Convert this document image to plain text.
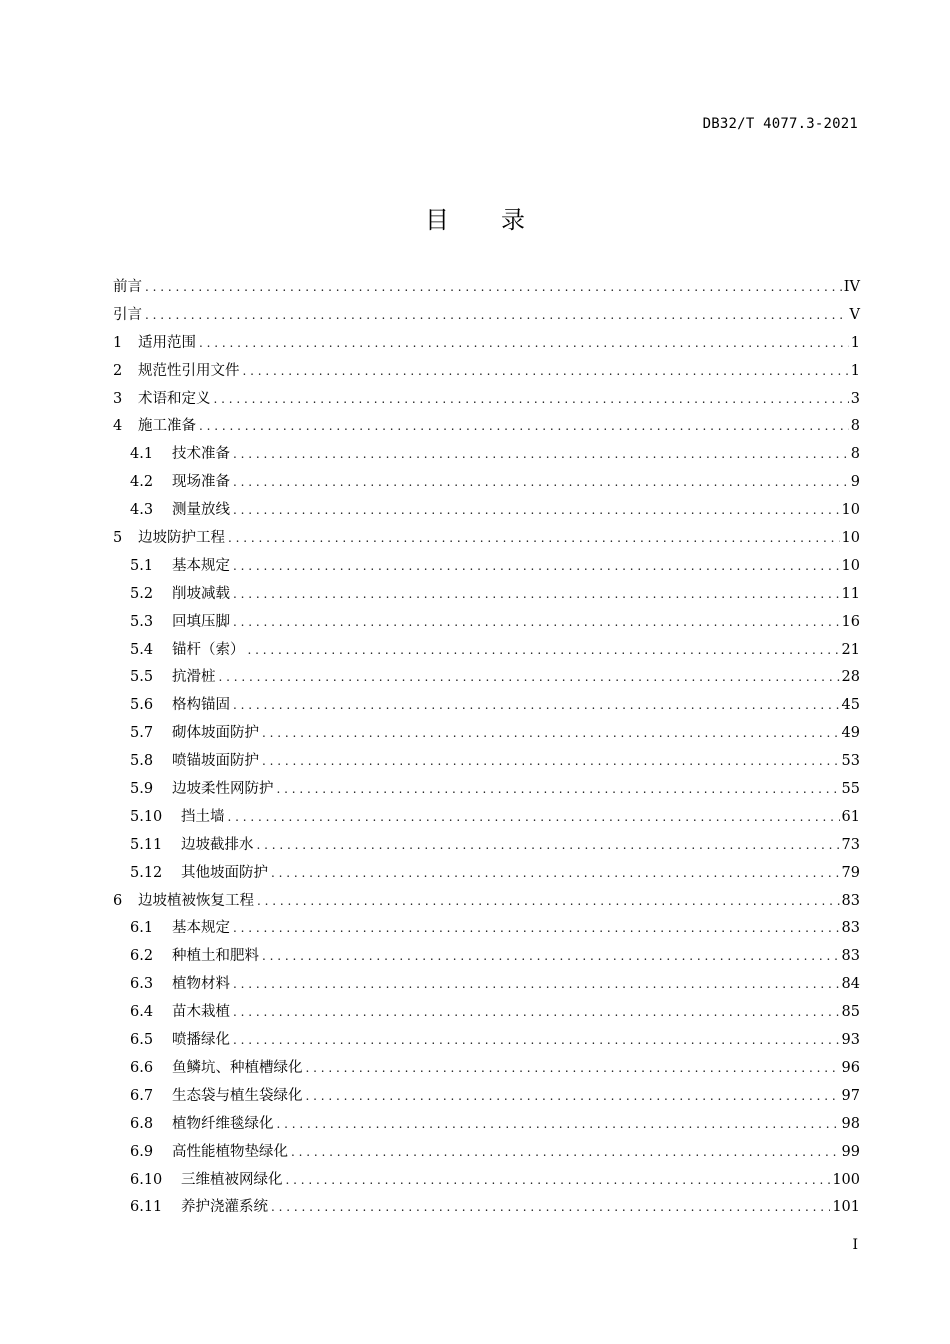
DB32/T 4077.3-2021
目录
前言 . . .	IV
引言 . . .	V
1	适用范围 . . .	1
2	规范性引用文件 . . .	1
3	术语和定义 . . .	3
4	施工准备 . . .	8
4.1	技术准备 . . .	8
4.2	现场准备 . . .	9
4.3	测量放线 . . .	10
5	边坡防护工程 . . .	10
5.1	基本规定 . . .	10
5.2	削坡减载 . . .	11
5.3	回填压脚 . . .	16
5.4	锚杆（索） . . .	21
5.5	抗滑桩 . . .	28
5.6	格构锚固 . . .	45
5.7	砌体坡面防护 . . .	49
5.8	喷锚坡面防护 . . .	53
5.9	边坡柔性网防护 . . .	55
5.10	挡土墙 . . .	61
5.11	边坡截排水 . . .	73
5.12	其他坡面防护 . . .	79
6	边坡植被恢复工程 . . .	83
6.1	基本规定 . . .	83
6.2	种植土和肥料 . . .	83
6.3	植物材料 . . .	84
6.4	苗木栽植 . . .	85
6.5	喷播绿化 . . .	93
6.6	鱼鳞坑、种植槽绿化 . . .	96
6.7	生态袋与植生袋绿化 . . .	97
6.8	植物纤维毯绿化 . . .	98
6.9	高性能植物垫绿化 . . .	99
6.10	三维植被网绿化 . . .	100
6.11	养护浇灌系统 . . .	101
I
